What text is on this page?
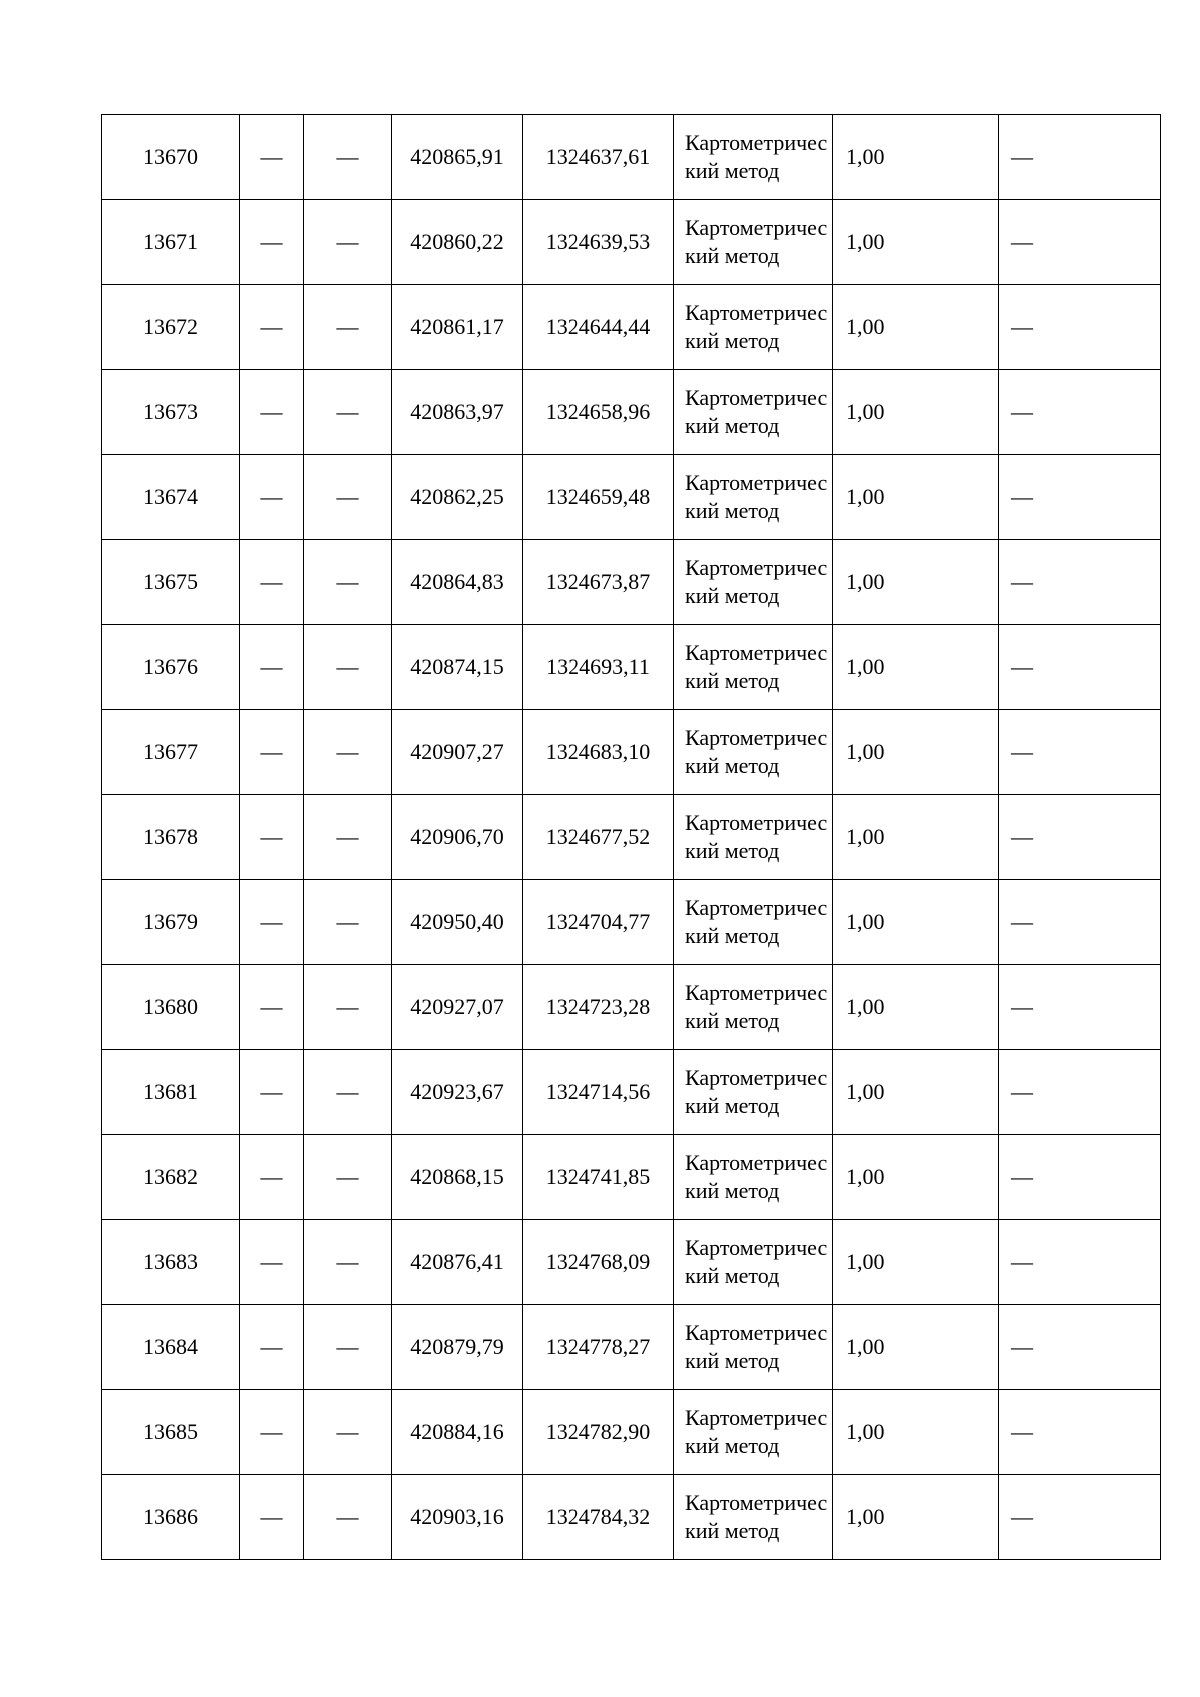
13670	—	—	420865,91	1324637,61	Картометрический метод	1,00	—
13671	—	—	420860,22	1324639,53	Картометрический метод	1,00	—
13672	—	—	420861,17	1324644,44	Картометрический метод	1,00	—
13673	—	—	420863,97	1324658,96	Картометрический метод	1,00	—
13674	—	—	420862,25	1324659,48	Картометрический метод	1,00	—
13675	—	—	420864,83	1324673,87	Картометрический метод	1,00	—
13676	—	—	420874,15	1324693,11	Картометрический метод	1,00	—
13677	—	—	420907,27	1324683,10	Картометрический метод	1,00	—
13678	—	—	420906,70	1324677,52	Картометрический метод	1,00	—
13679	—	—	420950,40	1324704,77	Картометрический метод	1,00	—
13680	—	—	420927,07	1324723,28	Картометрический метод	1,00	—
13681	—	—	420923,67	1324714,56	Картометрический метод	1,00	—
13682	—	—	420868,15	1324741,85	Картометрический метод	1,00	—
13683	—	—	420876,41	1324768,09	Картометрический метод	1,00	—
13684	—	—	420879,79	1324778,27	Картометрический метод	1,00	—
13685	—	—	420884,16	1324782,90	Картометрический метод	1,00	—
13686	—	—	420903,16	1324784,32	Картометрический метод	1,00	—
